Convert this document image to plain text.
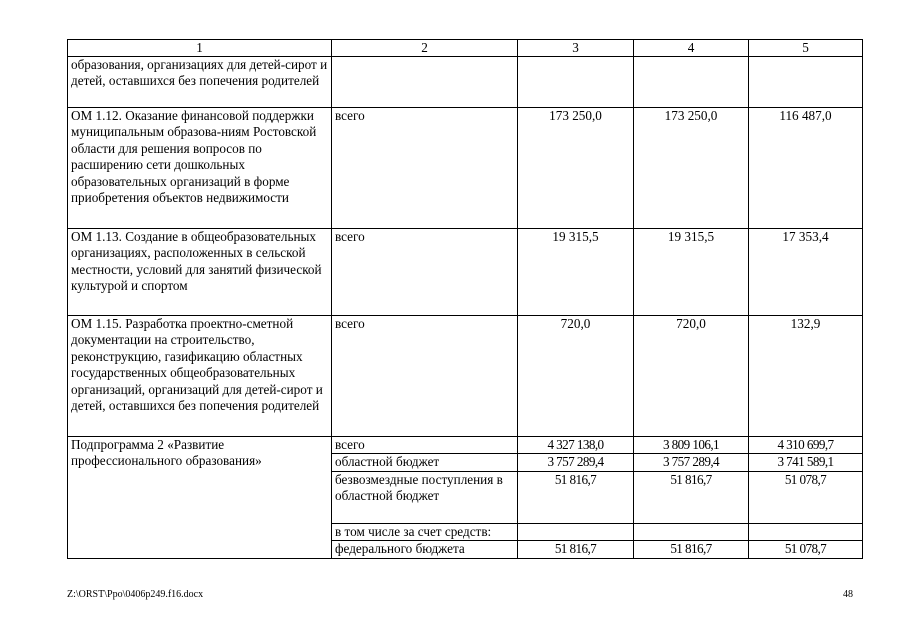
1	2	3	4	5
образования, организациях для детей-сирот и детей, оставшихся без попечения родителей				
ОМ 1.12. Оказание финансовой поддержки муниципальным образова-ниям Ростовской области для решения вопросов по расширению сети дошкольных образовательных организаций в форме приобретения объектов недвижимости	всего	173 250,0	173 250,0	116 487,0
ОМ 1.13. Создание в общеобразовательных организациях, расположенных в сельской местности, условий для занятий физической культурой и спортом	всего	19 315,5	19 315,5	17 353,4
ОМ 1.15. Разработка проектно-сметной документации на строительство, реконструкцию, газификацию областных государственных общеобразовательных организаций, организаций для детей-сирот и детей, оставшихся без попечения родителей	всего	720,0	720,0	132,9
Подпрограмма 2 «Развитие профессионального образования»	всего	4 327 138,0	3 809 106,1	4 310 699,7
	областной бюджет	3 757 289,4	3 757 289,4	3 741 589,1
	безвозмездные поступления в областной бюджет	51 816,7	51 816,7	51 078,7
	в том числе за счет средств:			
	федерального бюджета	51 816,7	51 816,7	51 078,7
Z:\ORST\Ppo\0406p249.f16.docx	48
